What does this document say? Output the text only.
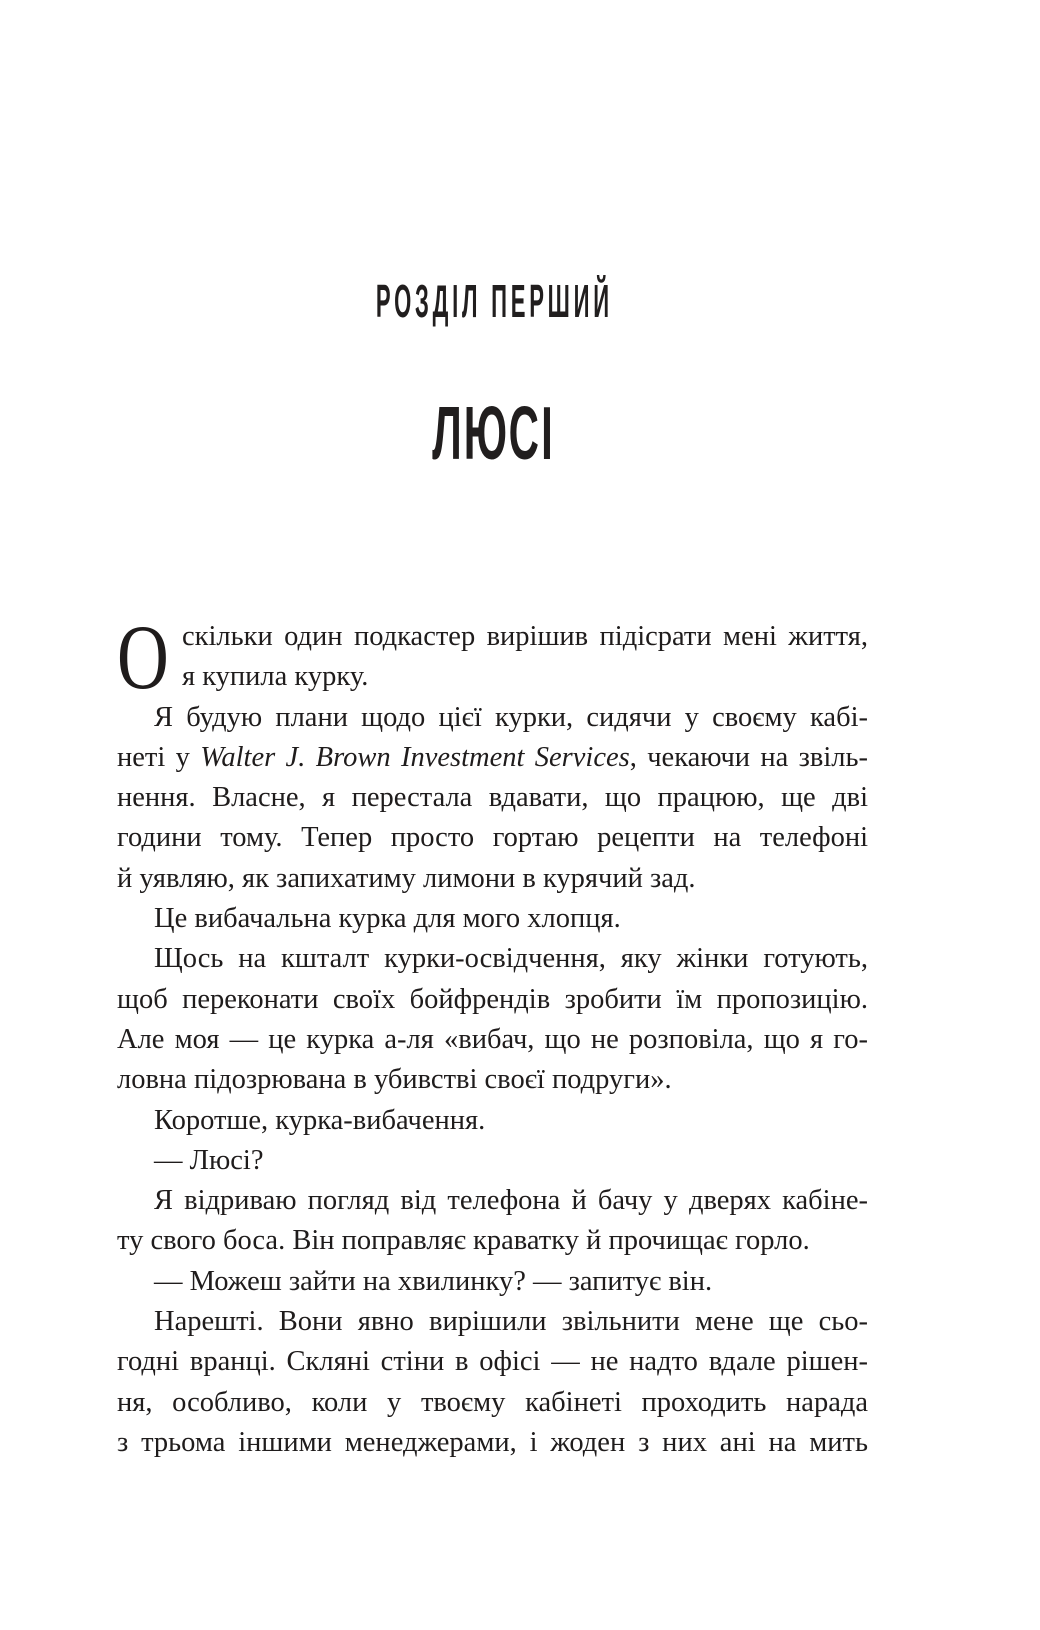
РОЗДІЛ ПЕРШИЙ
ЛЮСІ
О скільки один подкастер вирішив підісрати мені життя,
я купила курку.
Я будую плани щодо цієї курки, сидячи у своєму кабі-
неті у Walter J. Brown Investment Services, чекаючи на звіль-
нення. Власне, я перестала вдавати, що працюю, ще дві
години тому. Тепер просто гортаю рецепти на телефоні
й уявляю, як запихатиму лимони в курячий зад.
Це вибачальна курка для мого хлопця.
Щось на кшталт курки-освідчення, яку жінки готують,
щоб переконати своїх бойфрендів зробити їм пропозицію.
Але моя — це курка а-ля «вибач, що не розповіла, що я го-
ловна підозрювана в убивстві своєї подруги».
Коротше, курка-вибачення.
— Люсі?
Я відриваю погляд від телефона й бачу у дверях кабіне-
ту свого боса. Він поправляє краватку й прочищає горло.
— Можеш зайти на хвилинку? — запитує він.
Нарешті. Вони явно вирішили звільнити мене ще сьо-
годні вранці. Скляні стіни в офісі — не надто вдале рішен-
ня, особливо, коли у твоєму кабінеті проходить нарада
з трьома іншими менеджерами, і жоден з них ані на мить
